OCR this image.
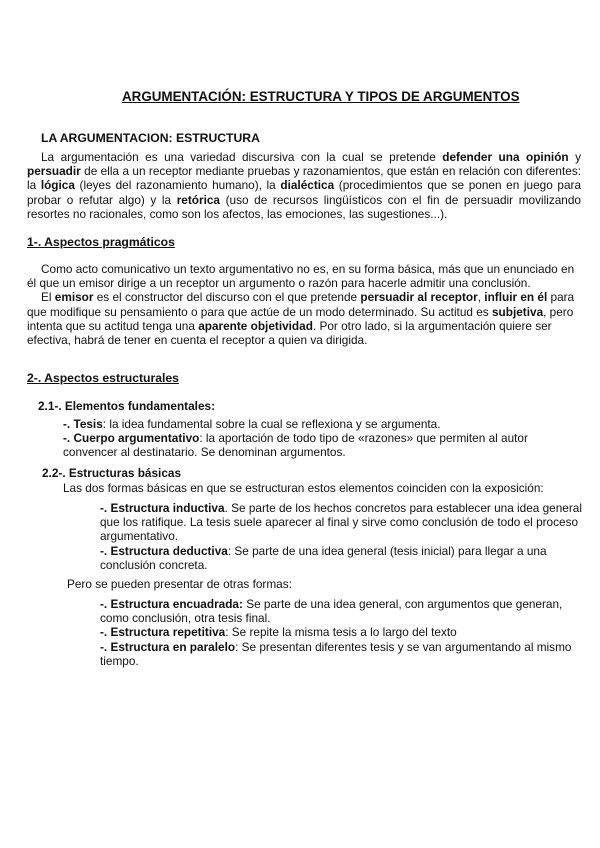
ARGUMENTACIÓN: ESTRUCTURA Y TIPOS DE ARGUMENTOS
LA ARGUMENTACION: ESTRUCTURA

La argumentación es una variedad discursiva con la cual se pretende defender una opinión y persuadir de ella a un receptor mediante pruebas y razonamientos, que están en relación con diferentes: la lógica (leyes del razonamiento humano), la dialéctica (procedimientos que se ponen en juego para probar o refutar algo) y la retórica (uso de recursos lingüísticos con el fin de persuadir movilizando resortes no racionales, como son los afectos, las emociones, las sugestiones...).

1-. Aspectos pragmáticos
Como acto comunicativo un texto argumentativo no es, en su forma básica, más que un enunciado en él que un emisor dirige a un receptor un argumento o razón para hacerle admitir una conclusión.
El emisor es el constructor del discurso con el que pretende persuadir al receptor, influir en él para que modifique su pensamiento o para que actúe de un modo determinado. Su actitud es subjetiva, pero intenta que su actitud tenga una aparente objetividad. Por otro lado, si la argumentación quiere ser efectiva, habrá de tener en cuenta el receptor a quien va dirigida.
2-. Aspectos estructurales
2.1-. Elementos fundamentales:
-. Tesis: la idea fundamental sobre la cual se reflexiona y se argumenta.
-. Cuerpo argumentativo: la aportación de todo tipo de «razones» que permiten al autor convencer al destinatario. Se denominan argumentos.
2.2-. Estructuras básicas

Las dos formas básicas en que se estructuran estos elementos coinciden con la exposición:

-. Estructura inductiva. Se parte de los hechos concretos para establecer una idea general que los ratifique. La tesis suele aparecer al final y sirve como conclusión de todo el proceso argumentativo.
-. Estructura deductiva: Se parte de una idea general (tesis inicial) para llegar a una conclusión concreta.

Pero se pueden presentar de otras formas:

-. Estructura encuadrada: Se parte de una idea general, con argumentos que generan, como conclusión, otra tesis final.
-. Estructura repetitiva: Se repite la misma tesis a lo largo del texto
-. Estructura en paralelo: Se presentan diferentes tesis y se van argumentando al mismo tiempo.
